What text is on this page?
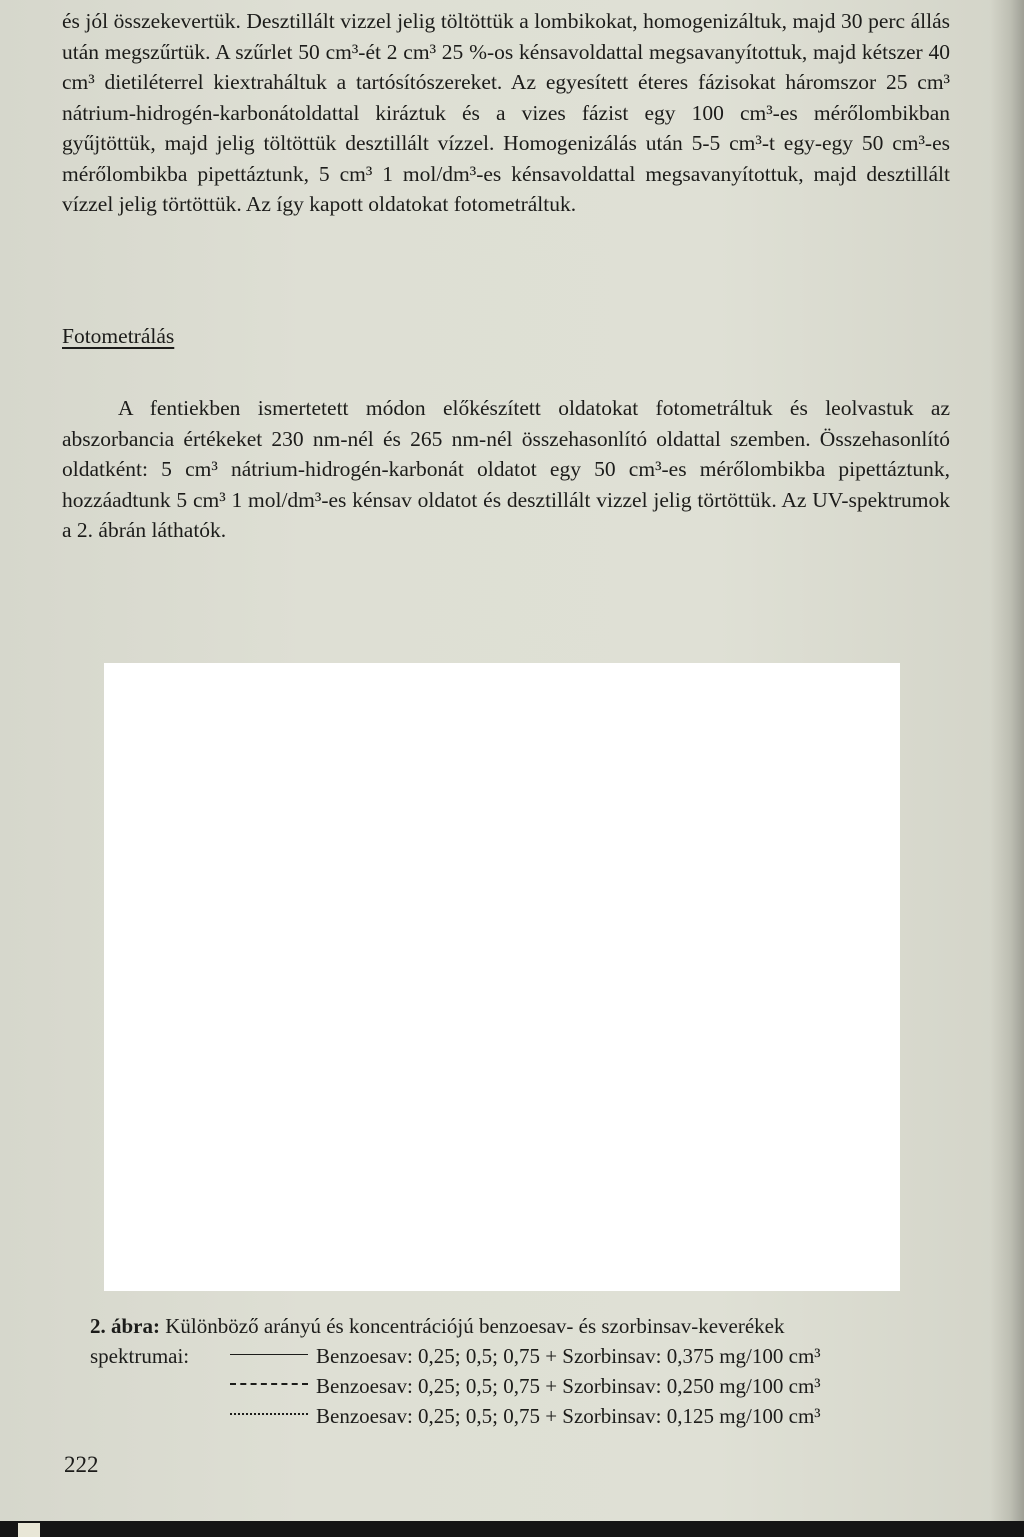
és jól összekevertük. Desztillált vizzel jelig töltöttük a lombikokat, homogenizáltuk, majd 30 perc állás után megszűrtük. A szűrlet 50 cm³-ét 2 cm³ 25 %-os kénsavoldattal megsavanyítottuk, majd kétszer 40 cm³ dietiléterrel kiextraháltuk a tartósítószereket. Az egyesített éteres fázisokat háromszor 25 cm³ nátrium-hidrogén-karbonátoldattal kiráztuk és a vizes fázist egy 100 cm³-es mérőlombikban gyűjtöttük, majd jelig töltöttük desztillált vízzel. Homogenizálás után 5-5 cm³-t egy-egy 50 cm³-es mérőlombikba pipettáztunk, 5 cm³ 1 mol/dm³-es kénsavoldattal megsavanyítottuk, majd desztillált vízzel jelig törtöttük. Az így kapott oldatokat fotometráltuk.

Fotometrálás

A fentiekben ismertetett módon előkészített oldatokat fotometráltuk és leolvastuk az abszorbancia értékeket 230 nm-nél és 265 nm-nél összehasonlító oldattal szemben. Összehasonlító oldatként: 5 cm³ nátrium-hidrogén-karbonát oldatot egy 50 cm³-es mérőlombikba pipettáztunk, hozzáadtunk 5 cm³ 1 mol/dm³-es kénsav oldatot és desztillált vizzel jelig törtöttük. Az UV-spektrumok a 2. ábrán láthatók.

2. ábra: Különböző arányú és koncentrációjú benzoesav- és szorbinsav-keverékek
spektrumai:	Benzoesav: 0,25; 0,5; 0,75 + Szorbinsav: 0,375 mg/100 cm³
Benzoesav: 0,25; 0,5; 0,75 + Szorbinsav: 0,250 mg/100 cm³
Benzoesav: 0,25; 0,5; 0,75 + Szorbinsav: 0,125 mg/100 cm³

222
